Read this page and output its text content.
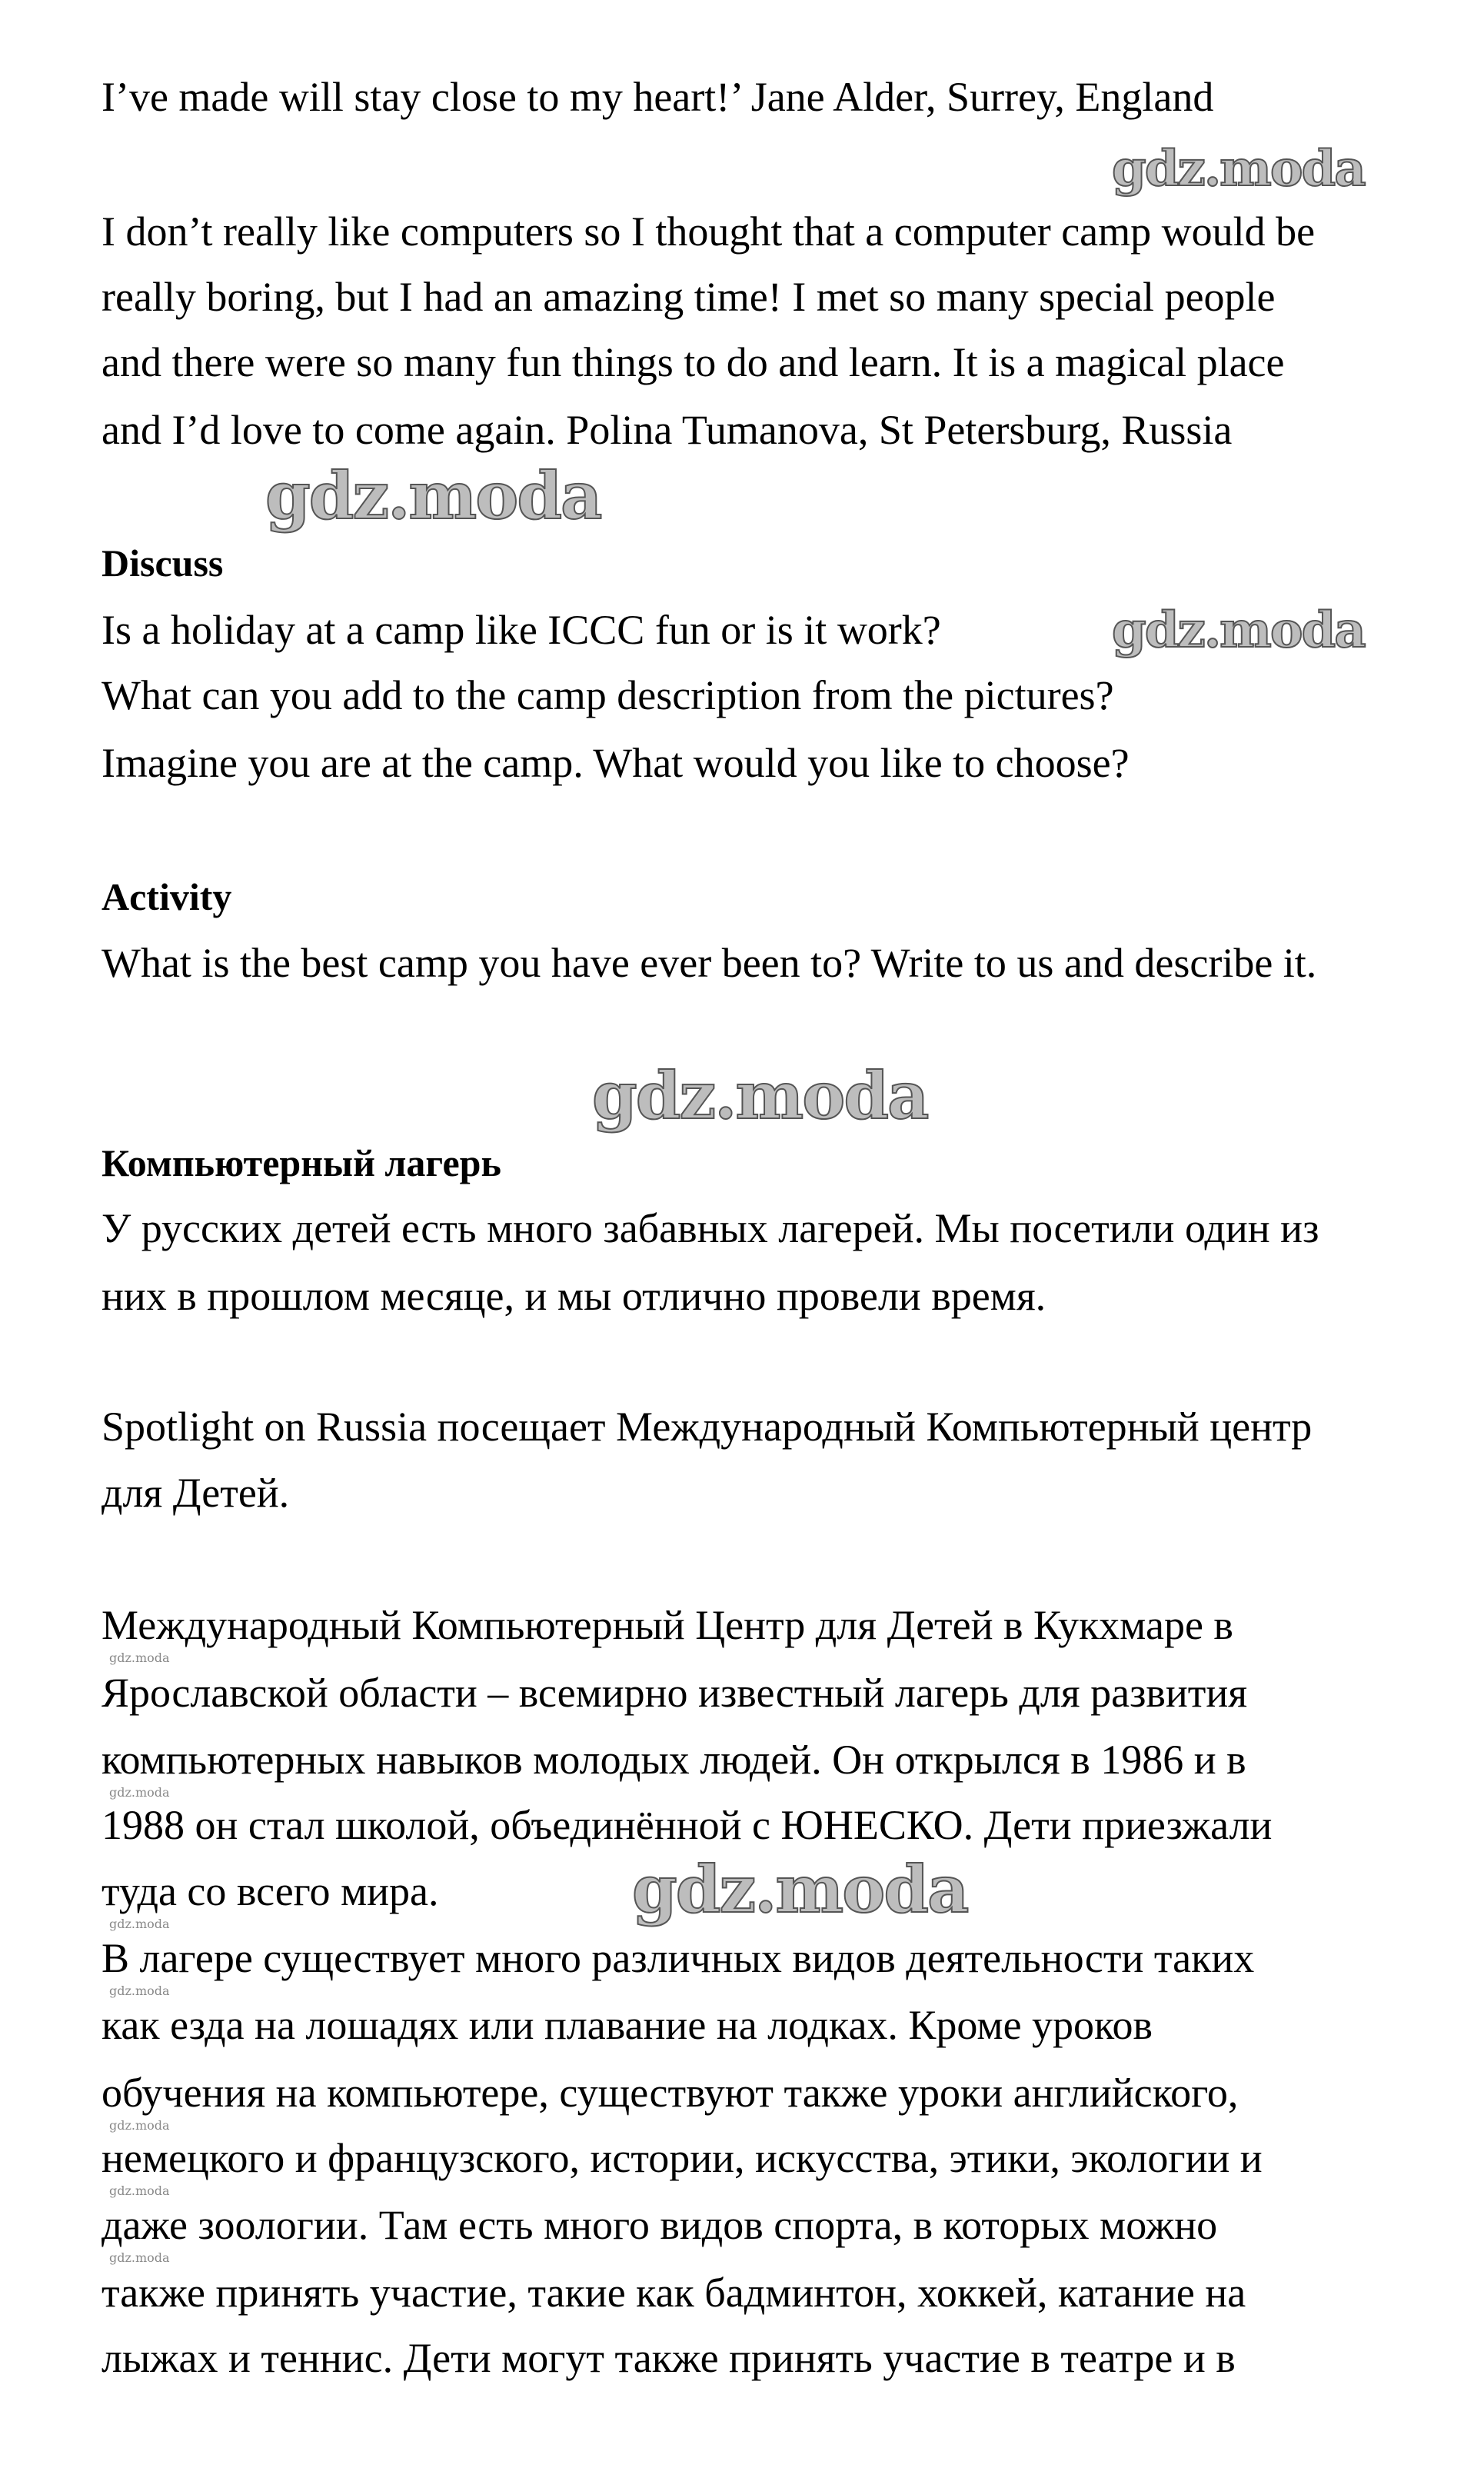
I’ve made will stay close to my heart!’ Jane Alder, Surrey, England
I don’t really like computers so I thought that a computer camp would be
really boring, but I had an amazing time! I met so many special people
and there were so many fun things to do and learn. It is a magical place
and I’d love to come again. Polina Tumanova, St Petersburg, Russia
Discuss
Is a holiday at a camp like ICCC fun or is it work?
What can you add to the camp description from the pictures?
Imagine you are at the camp. What would you like to choose?
Activity
What is the best camp you have ever been to? Write to us and describe it.
Компьютерный лагерь
У русских детей есть много забавных лагерей. Мы посетили один из
них в прошлом месяце, и мы отлично провели время.
Spotlight on Russia посещает Международный Компьютерный центр
для Детей.
Международный Компьютерный Центр для Детей в Кукхмаре в
Ярославской области – всемирно известный лагерь для развития
компьютерных навыков молодых людей. Он открылся в 1986 и в
1988 он стал школой, объединённой с ЮНЕСКО. Дети приезжали
туда со всего мира.
В лагере существует много различных видов деятельности таких
как езда на лошадях или плавание на лодках. Кроме уроков
обучения на компьютере, существуют также уроки английского,
немецкого и французского, истории, искусства, этики, экологии и
даже зоологии. Там есть много видов спорта, в которых можно
также принять участие, такие как бадминтон, хоккей, катание на
лыжах и теннис. Дети могут также принять участие в театре и в
gdz.moda
gdz.moda
gdz.moda
gdz.moda
gdz.moda
gdz.moda
gdz.moda
gdz.moda
gdz.moda
gdz.moda
gdz.moda
gdz.moda
